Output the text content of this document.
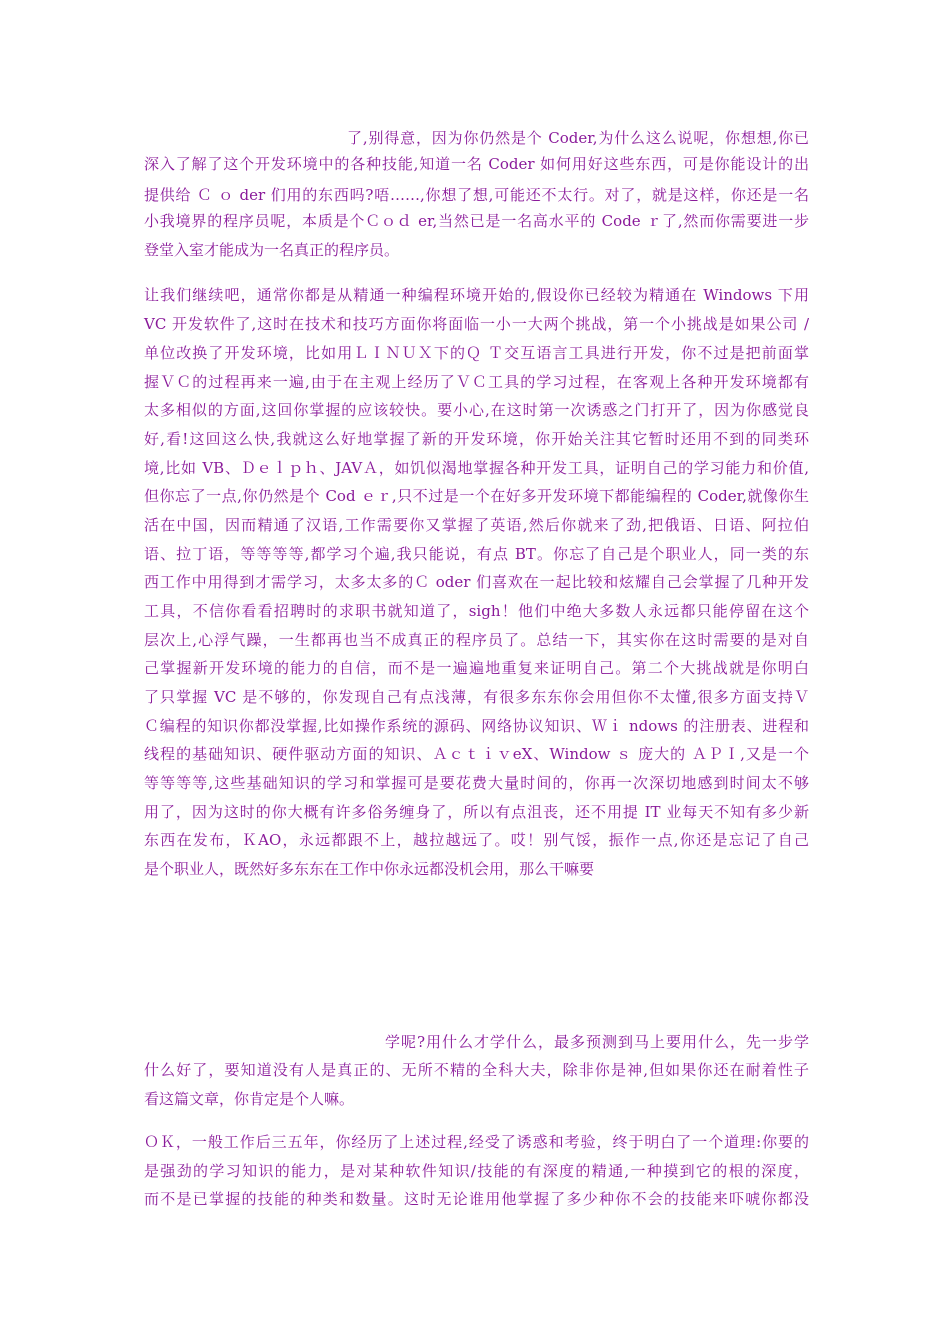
了,别得意，因为你仍然是个 Coder,为什么这么说呢，你想想,你已
深入了解了这个开发环境中的各种技能,知道一名 Coder 如何用好这些东西，可是你能设计的出
提供给 Ｃ ｏ der 们用的东西吗?唔……,你想了想,可能还不太行。对了，就是这样，你还是一名
小我境界的程序员呢，本质是个Ｃｏｄ er,当然已是一名高水平的 Code ｒ了,然而你需要进一步
登堂入室才能成为一名真正的程序员。
让我们继续吧，通常你都是从精通一种编程环境开始的,假设你已经较为精通在 Windows 下用
VC 开发软件了,这时在技术和技巧方面你将面临一小一大两个挑战，第一个小挑战是如果公司 /
单位改换了开发环境，比如用ＬＩＮＵＸ下的Ｑ Ｔ交互语言工具进行开发，你不过是把前面掌
握ＶＣ的过程再来一遍,由于在主观上经历了ＶＣ工具的学习过程，在客观上各种开发环境都有
太多相似的方面,这回你掌握的应该较快。要小心,在这时第一次诱惑之门打开了，因为你感觉良
好,看!这回这么快,我就这么好地掌握了新的开发环境，你开始关注其它暂时还用不到的同类环
境,比如 VB、Ｄｅｌｐｈ、JAVＡ，如饥似渴地掌握各种开发工具，证明自己的学习能力和价值,
但你忘了一点,你仍然是个 Cod ｅｒ,只不过是一个在好多开发环境下都能编程的 Coder,就像你生
活在中国，因而精通了汉语,工作需要你又掌握了英语,然后你就来了劲,把俄语、日语、阿拉伯
语、拉丁语，等等等等,都学习个遍,我只能说，有点 BT。你忘了自己是个职业人，同一类的东
西工作中用得到才需学习，太多太多的Ｃ oder 们喜欢在一起比较和炫耀自己会掌握了几种开发
工具，不信你看看招聘时的求职书就知道了，sigh！他们中绝大多数人永远都只能停留在这个
层次上,心浮气躁，一生都再也当不成真正的程序员了。总结一下，其实你在这时需要的是对自
己掌握新开发环境的能力的自信，而不是一遍遍地重复来证明自己。第二个大挑战就是你明白
了只掌握 VC 是不够的，你发现自己有点浅薄，有很多东东你会用但你不太懂,很多方面支持Ｖ
Ｃ编程的知识你都没掌握,比如操作系统的源码、网络协议知识、Ｗｉ ndows 的注册表、进程和
线程的基础知识、硬件驱动方面的知识、ＡｃｔｉｖeX、Window ｓ 庞大的 ＡＰＩ,又是一个
等等等等,这些基础知识的学习和掌握可是要花费大量时间的，你再一次深切地感到时间太不够
用了，因为这时的你大概有许多俗务缠身了，所以有点沮丧，还不用提 IT 业每天不知有多少新
东西在发布，ＫAO，永远都跟不上，越拉越远了。哎！别气馁，振作一点,你还是忘记了自己
是个职业人，既然好多东东在工作中你永远都没机会用，那么干嘛要
学呢?用什么才学什么，最多预测到马上要用什么，先一步学
什么好了，要知道没有人是真正的、无所不精的全科大夫，除非你是神,但如果你还在耐着性子
看这篇文章，你肯定是个人嘛。
ＯＫ，一般工作后三五年，你经历了上述过程,经受了诱惑和考验，终于明白了一个道理:你要的
是强劲的学习知识的能力，是对某种软件知识/技能的有深度的精通,一种摸到它的根的深度，
而不是已掌握的技能的种类和数量。这时无论谁用他掌握了多少种你不会的技能来吓唬你都没
